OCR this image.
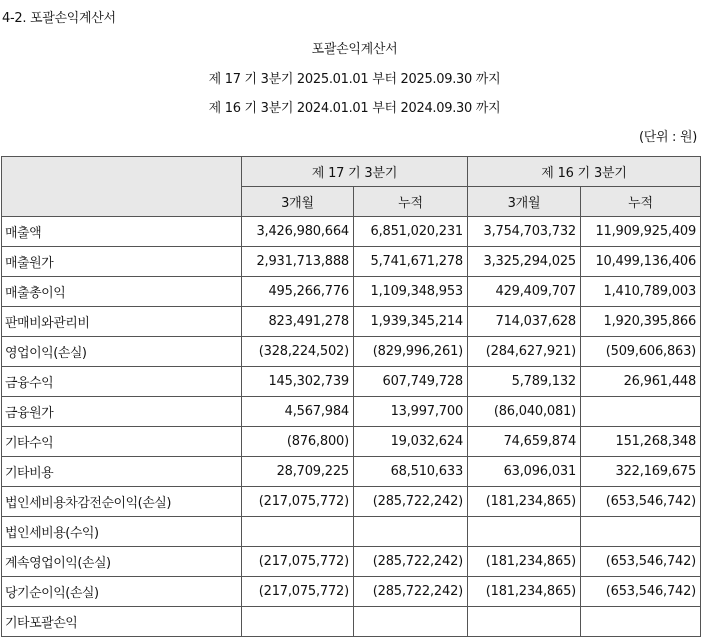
4-2. 포괄손익계산서
포괄손익계산서
제 17 기 3분기 2025.01.01 부터 2025.09.30 까지
제 16 기 3분기 2024.01.01 부터 2024.09.30 까지
(단위 : 원)
	제 17 기 3분기		제 16 기 3분기	
	3개월	누적	3개월	누적
매출액	3,426,980,664	6,851,020,231	3,754,703,732	11,909,925,409
매출원가	2,931,713,888	5,741,671,278	3,325,294,025	10,499,136,406
매출총이익	495,266,776	1,109,348,953	429,409,707	1,410,789,003
판매비와관리비	823,491,278	1,939,345,214	714,037,628	1,920,395,866
영업이익(손실)	(328,224,502)	(829,996,261)	(284,627,921)	(509,606,863)
금융수익	145,302,739	607,749,728	5,789,132	26,961,448
금융원가	4,567,984	13,997,700	(86,040,081)	
기타수익	(876,800)	19,032,624	74,659,874	151,268,348
기타비용	28,709,225	68,510,633	63,096,031	322,169,675
법인세비용차감전순이익(손실)	(217,075,772)	(285,722,242)	(181,234,865)	(653,546,742)
법인세비용(수익)				
계속영업이익(손실)	(217,075,772)	(285,722,242)	(181,234,865)	(653,546,742)
당기순이익(손실)	(217,075,772)	(285,722,242)	(181,234,865)	(653,546,742)
기타포괄손익				
